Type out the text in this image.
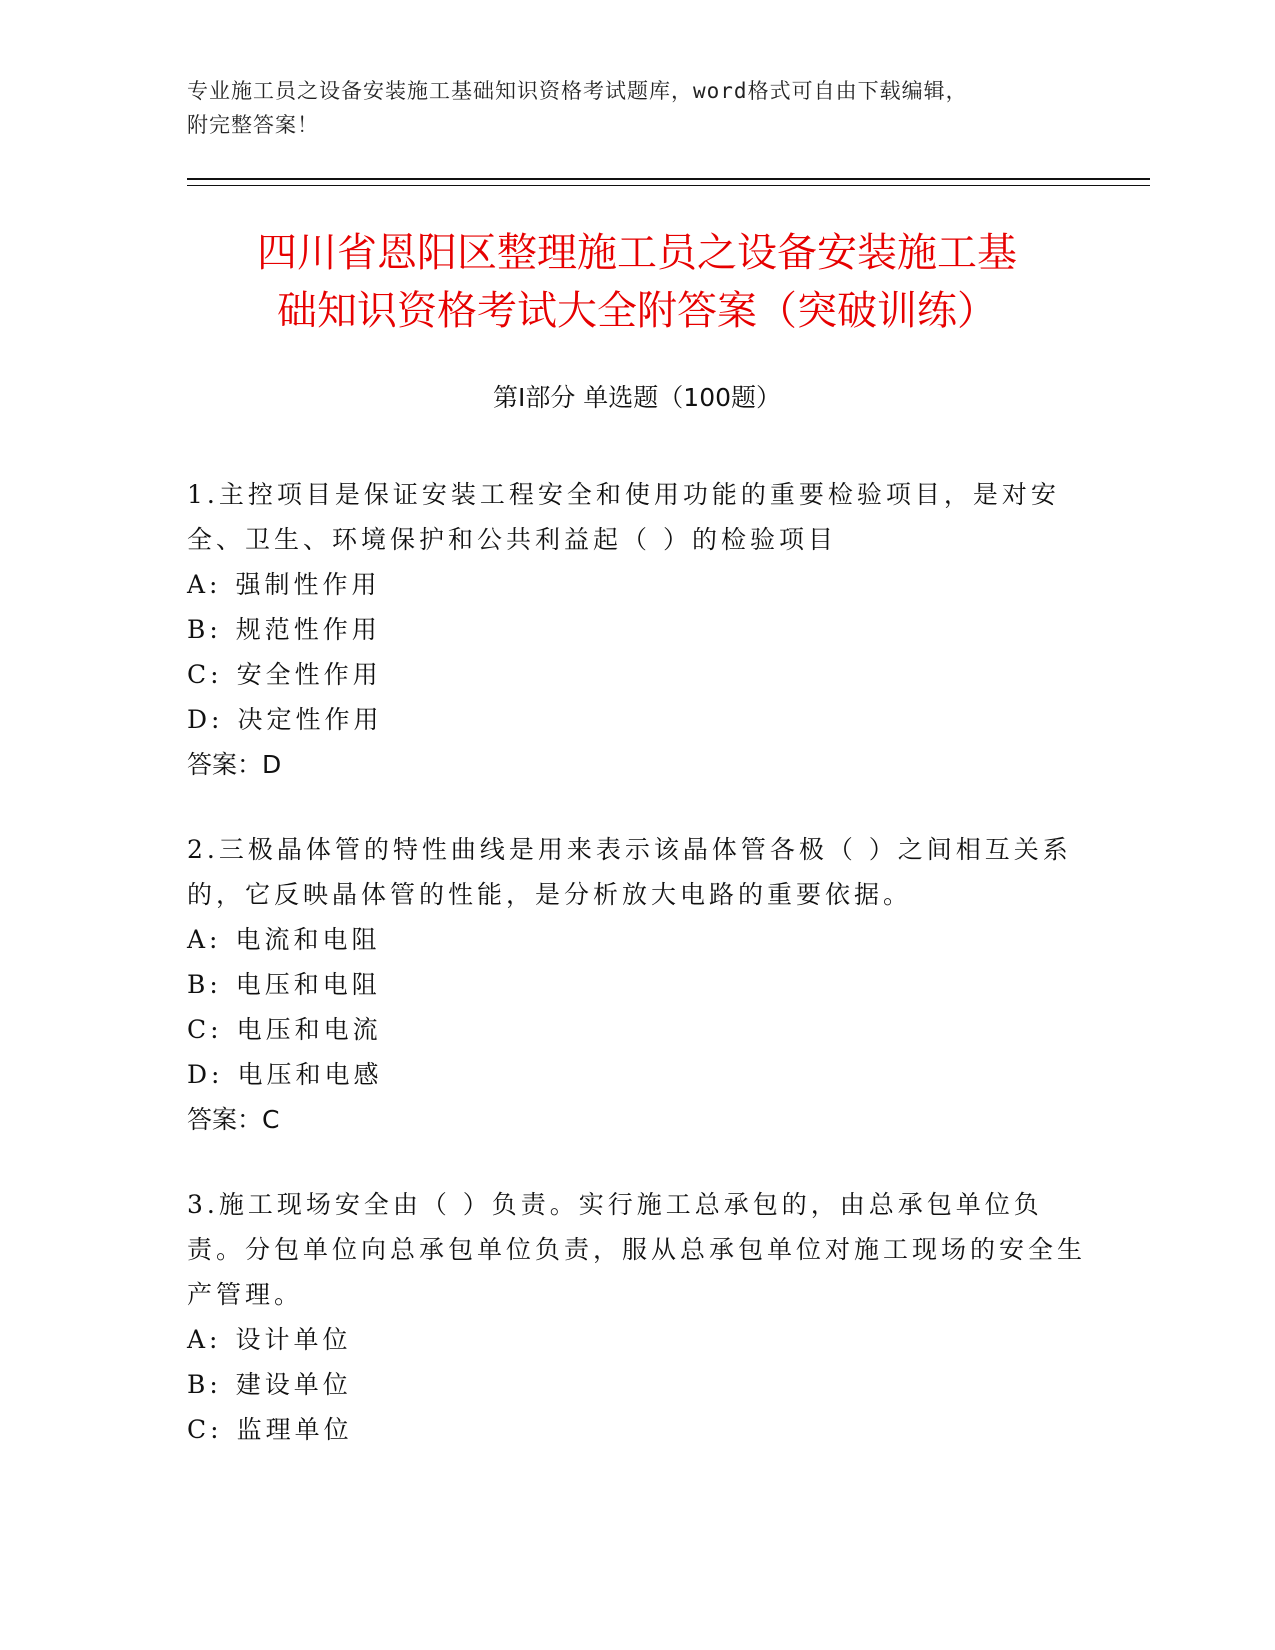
专业施工员之设备安装施工基础知识资格考试题库，word格式可自由下载编辑，
附完整答案！
四川省恩阳区整理施工员之设备安装施工基
础知识资格考试大全附答案（突破训练）
第Ⅰ部分 单选题（100题）
1.主控项目是保证安装工程安全和使用功能的重要检验项目，是对安全、卫生、环境保护和公共利益起（ ）的检验项目
A: 强制性作用
B: 规范性作用
C: 安全性作用
D: 决定性作用
答案：D
2.三极晶体管的特性曲线是用来表示该晶体管各极（ ）之间相互关系的，它反映晶体管的性能，是分析放大电路的重要依据。
A: 电流和电阻
B: 电压和电阻
C: 电压和电流
D: 电压和电感
答案：C
3.施工现场安全由（ ）负责。实行施工总承包的，由总承包单位负责。分包单位向总承包单位负责，服从总承包单位对施工现场的安全生产管理。
A: 设计单位
B: 建设单位
C: 监理单位
